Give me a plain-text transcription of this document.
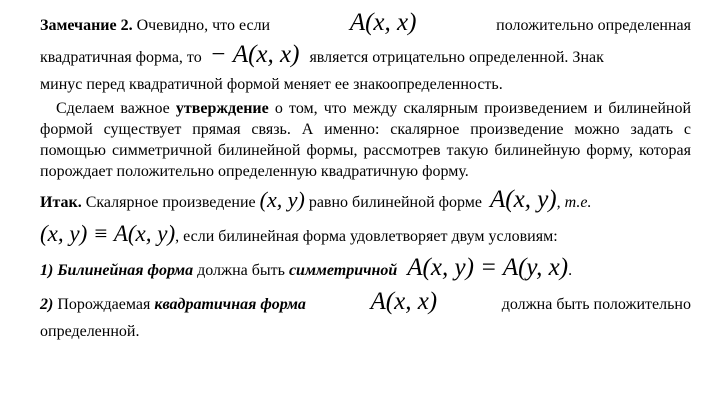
Замечание 2. Очевидно, что если	A(x, x)	положительно определенная
квадратичная форма, то − A(x, x) является отрицательно определенной. Знак
минус перед квадратичной формой меняет ее знакоопределенность.

Сделаем важное утверждение о том, что между скалярным произведением и билинейной формой существует прямая связь. А именно: скалярное произведение можно задать с помощью симметричной билинейной формы, рассмотрев такую билинейную форму, которая порождает положительно определенную квадратичную форму.

Итак. Скалярное произведение (x, y) равно билинейной форме A(x, y), т.е.
(x, y) ≡ A(x, y), если билинейная форма удовлетворяет двум условиям:
1) Билинейная форма должна быть симметричной A(x, y) = A(y, x).
2) Порождаемая квадратичная форма	A(x, x)	должна быть положительно
определенной.
